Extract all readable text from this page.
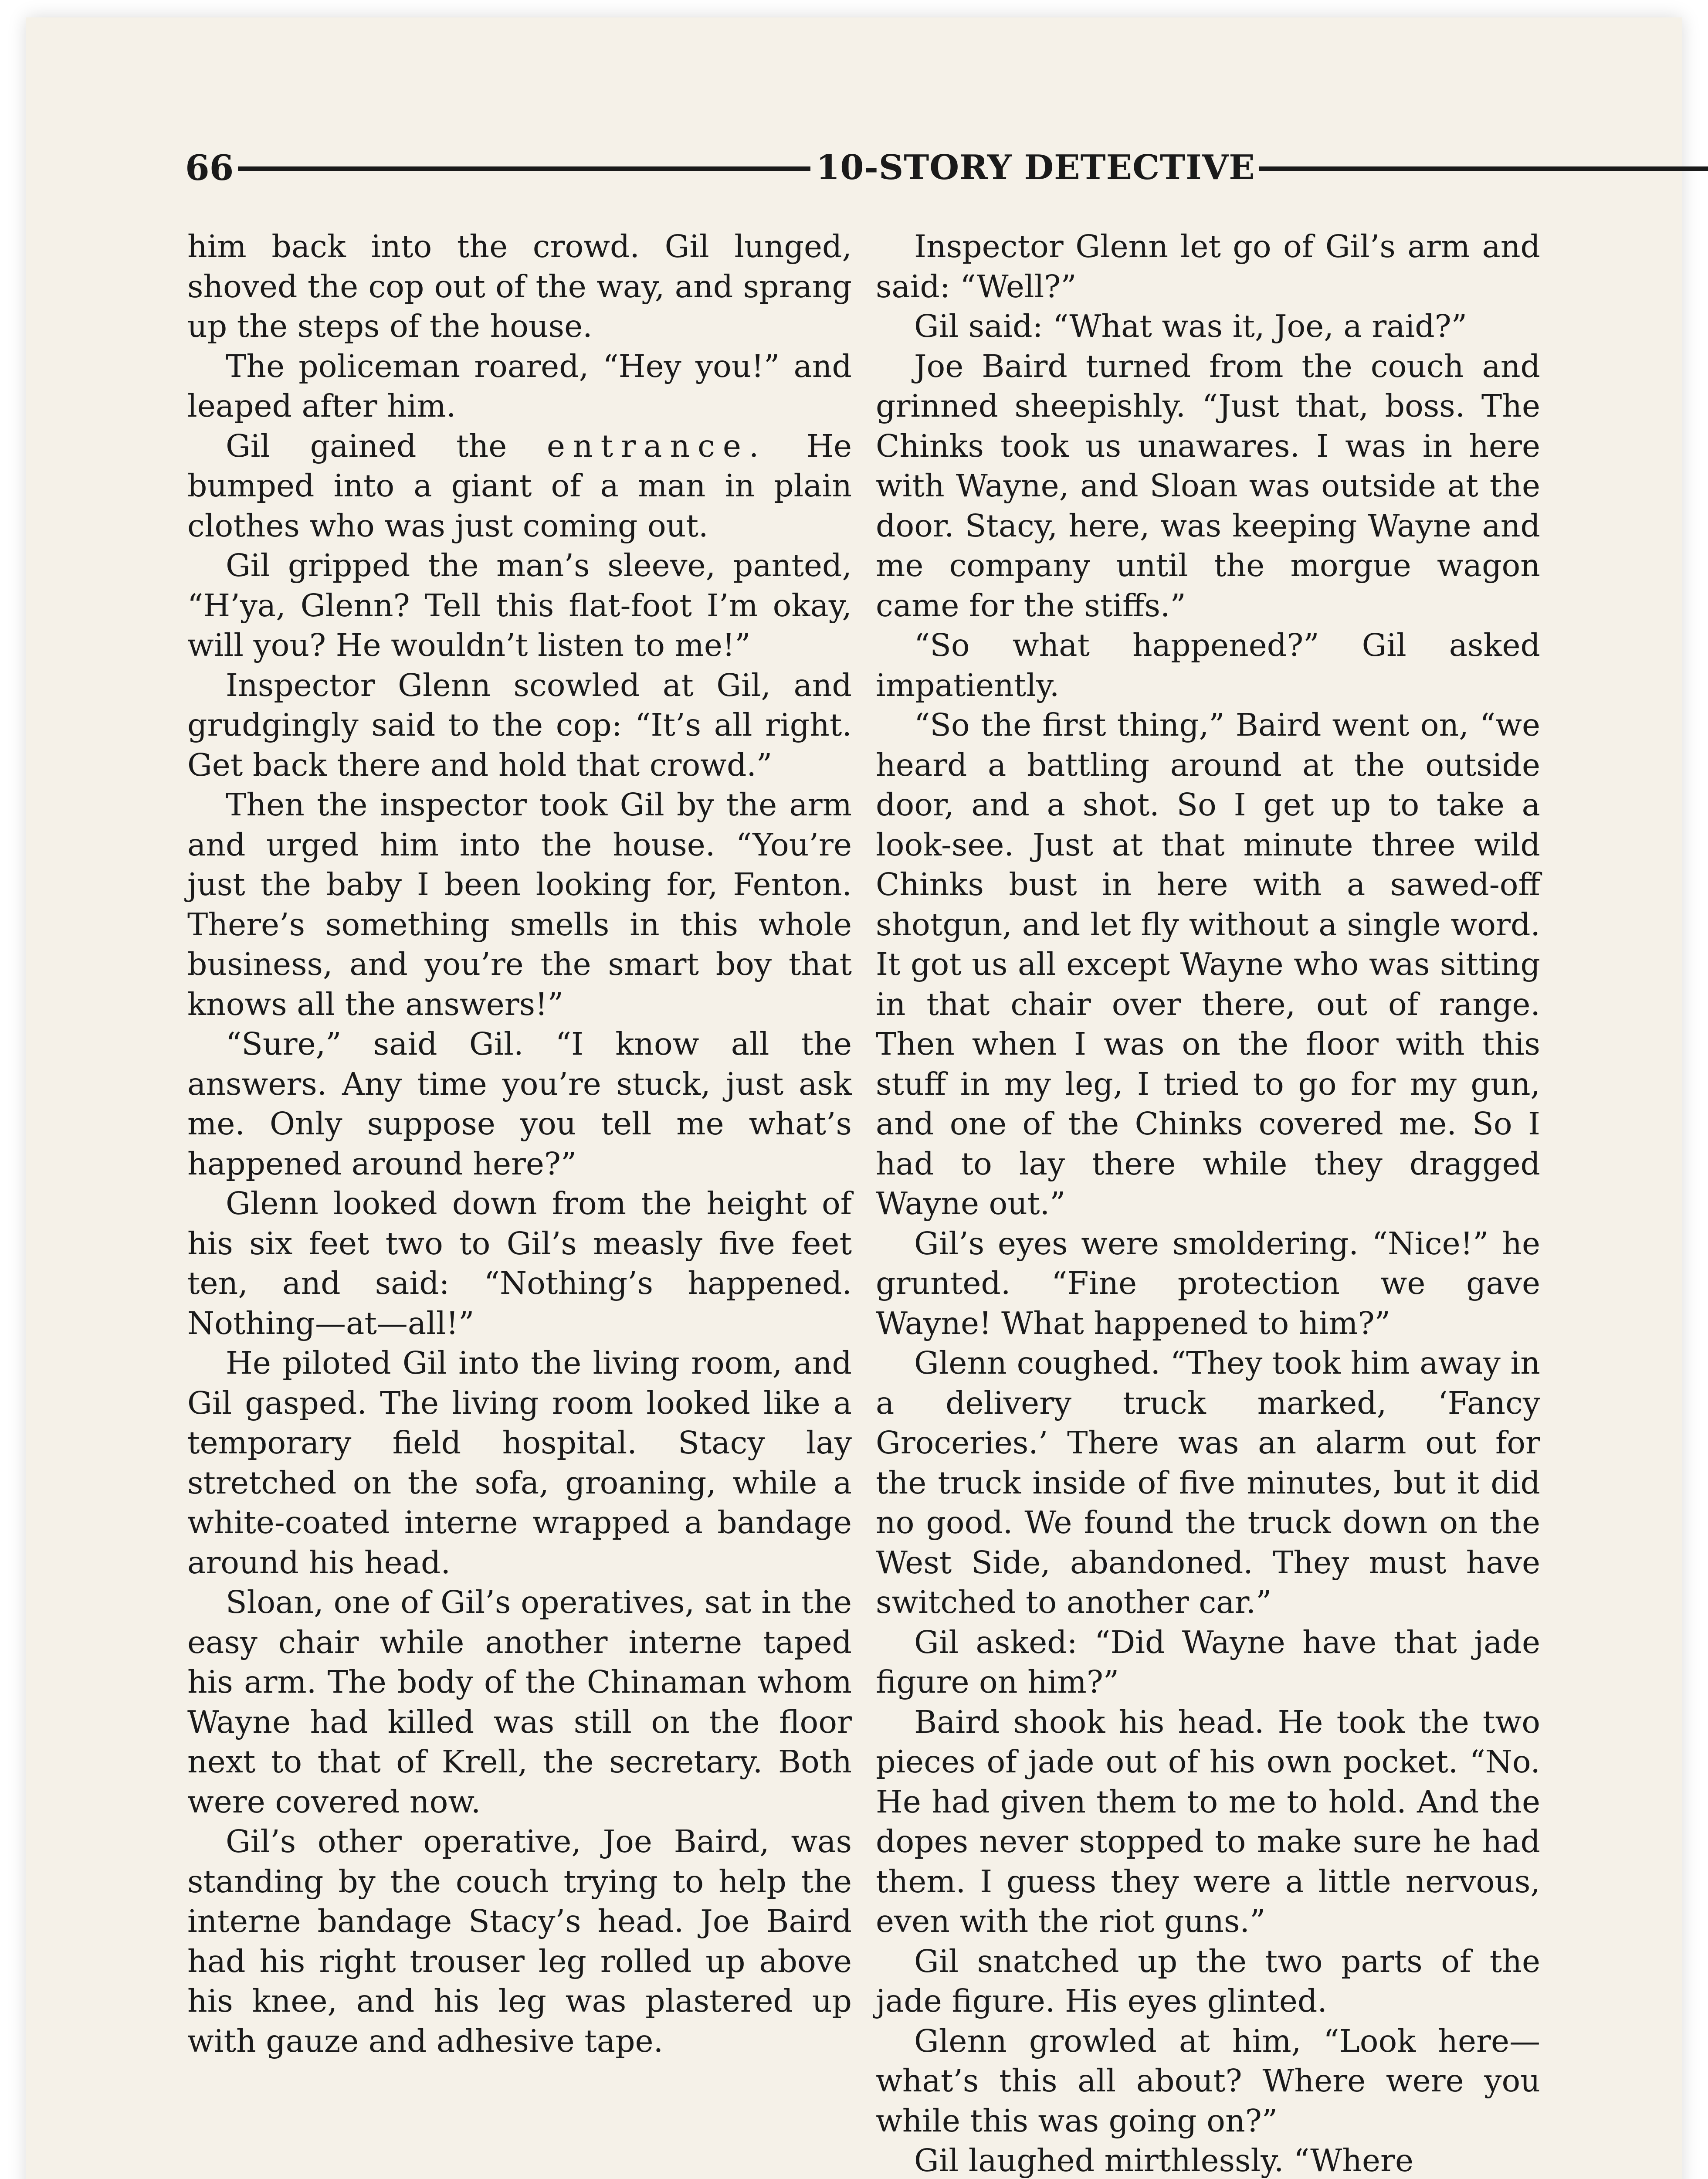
66	10-STORY DETECTIVE

him back into the crowd. Gil lunged, shoved the cop out of the way, and sprang up the steps of the house.

The policeman roared, “Hey you!” and leaped after him.

Gil gained the entrance. He bumped into a giant of a man in plain clothes who was just coming out.

Gil gripped the man’s sleeve, panted, “H’ya, Glenn? Tell this flat-foot I’m okay, will you? He wouldn’t listen to me!”

Inspector Glenn scowled at Gil, and grudgingly said to the cop: “It’s all right. Get back there and hold that crowd.”

Then the inspector took Gil by the arm and urged him into the house. “You’re just the baby I been looking for, Fenton. There’s something smells in this whole business, and you’re the smart boy that knows all the answers!”

“Sure,” said Gil. “I know all the answers. Any time you’re stuck, just ask me. Only suppose you tell me what’s happened around here?”

Glenn looked down from the height of his six feet two to Gil’s measly five feet ten, and said: “Nothing’s happened. Nothing—at—all!”

He piloted Gil into the living room, and Gil gasped. The living room looked like a temporary field hospital. Stacy lay stretched on the sofa, groaning, while a white-coated interne wrapped a bandage around his head.

Sloan, one of Gil’s operatives, sat in the easy chair while another interne taped his arm. The body of the Chinaman whom Wayne had killed was still on the floor next to that of Krell, the secretary. Both were covered now.

Gil’s other operative, Joe Baird, was standing by the couch trying to help the interne bandage Stacy’s head. Joe Baird had his right trouser leg rolled up above his knee, and his leg was plastered up with gauze and adhesive tape.

Inspector Glenn let go of Gil’s arm and said: “Well?”

Gil said: “What was it, Joe, a raid?”

Joe Baird turned from the couch and grinned sheepishly. “Just that, boss. The Chinks took us unawares. I was in here with Wayne, and Sloan was outside at the door. Stacy, here, was keeping Wayne and me company until the morgue wagon came for the stiffs.”

“So what happened?” Gil asked impatiently.

“So the first thing,” Baird went on, “we heard a battling around at the outside door, and a shot. So I get up to take a look-see. Just at that minute three wild Chinks bust in here with a sawed-off shotgun, and let fly without a single word. It got us all except Wayne who was sitting in that chair over there, out of range. Then when I was on the floor with this stuff in my leg, I tried to go for my gun, and one of the Chinks covered me. So I had to lay there while they dragged Wayne out.”

Gil’s eyes were smoldering. “Nice!” he grunted. “Fine protection we gave Wayne! What happened to him?”

Glenn coughed. “They took him away in a delivery truck marked, ‘Fancy Groceries.’ There was an alarm out for the truck inside of five minutes, but it did no good. We found the truck down on the West Side, abandoned. They must have switched to another car.”

Gil asked: “Did Wayne have that jade figure on him?”

Baird shook his head. He took the two pieces of jade out of his own pocket. “No. He had given them to me to hold. And the dopes never stopped to make sure he had them. I guess they were a little nervous, even with the riot guns.”

Gil snatched up the two parts of the jade figure. His eyes glinted.

Glenn growled at him, “Look here—what’s this all about? Where were you while this was going on?”

Gil laughed mirthlessly. “Where
